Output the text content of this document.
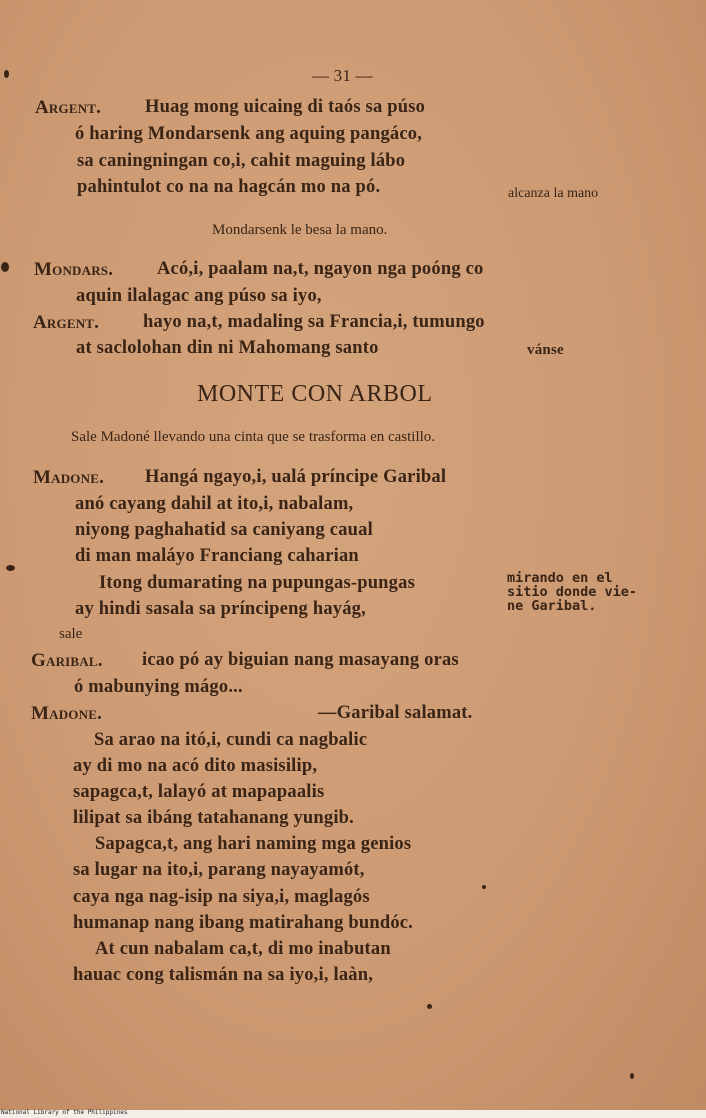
— 31 —
Argent. Huag mong uicaing di taós sa púso
ó haring Mondarsenk ang aquing pangáco,
sa caningningan co,i, cahit maguing lábo
pahintulot co na na hagcán mo na pó.	alcanza la mano
Mondarsenk le besa la mano.
Mondars. Acó,i, paalam na,t, ngayon nga poóng co
aquin ilalagac ang púso sa iyo,
Argent. hayo na,t, madaling sa Francia,i, tumungo
at saclolohan din ni Mahomang santo	vánse
MONTE CON ARBOL
Sale Madoné llevando una cinta que se trasforma en castillo.
Madone. Hangá ngayo,i, ualá príncipe Garibal
anó cayang dahil at ito,i, nabalam,
niyong paghahatid sa caniyang caual
di man maláyo Franciang caharian
Itong dumarating na pupungas-pungas	mirando en el
sitio donde vie-
ne Garibal.
ay hindi sasala sa príncipeng hayág,
sale
Garibal. icao pó ay biguian nang masayang oras
ó mabunying mágo...
Madone.	—Garibal salamat.
Sa arao na itó,i, cundi ca nagbalic
ay di mo na acó dito masisilip,
sapagca,t, lalayó at mapapaalis
lilipat sa ibáng tatahanang yungib.
Sapagca,t, ang hari naming mga genios
sa lugar na ito,i, parang nayayamót,
caya nga nag-isip na siya,i, maglagós
humanap nang ibang matirahang bundóc.
At cun nabalam ca,t, di mo inabutan
hauac cong talismán na sa iyo,i, laàn,
National Library of the Philippines
